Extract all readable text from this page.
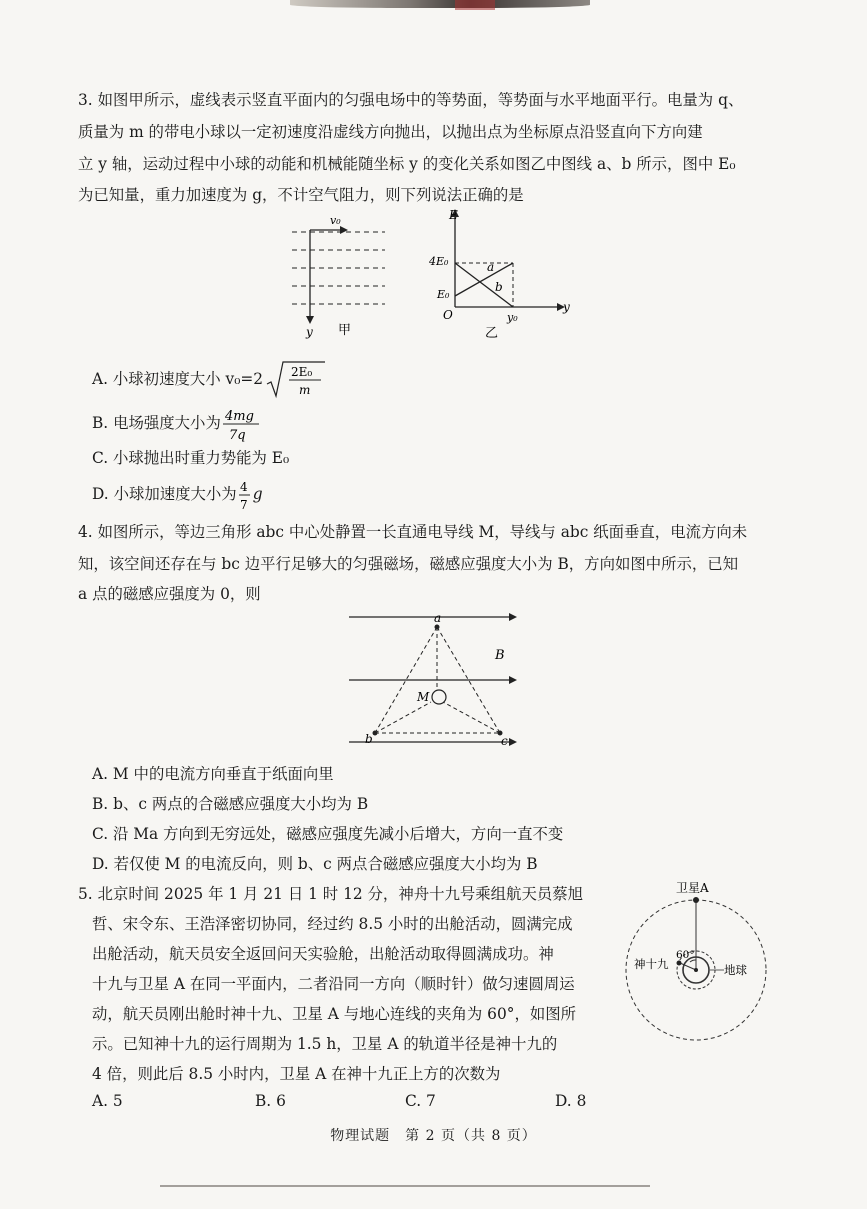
3. 如图甲所示，虚线表示竖直平面内的匀强电场中的等势面，等势面与水平地面平行。电量为 q、
质量为 m 的带电小球以一定初速度沿虚线方向抛出，以抛出点为坐标原点沿竖直向下方向建
立 y 轴，运动过程中小球的动能和机械能随坐标 y 的变化关系如图乙中图线 a、b 所示，图中 E₀
为已知量，重力加速度为 g，不计空气阻力，则下列说法正确的是
v₀
y 甲
E
4E₀
E₀
O	y₀
y
a
b
乙
A. 小球初速度大小 v₀=2 2E₀
m
B. 电场强度大小为 4mg
7q
C. 小球抛出时重力势能为 E₀
D. 小球加速度大小为 4
7
g
4. 如图所示，等边三角形 abc 中心处静置一长直通电导线 M，导线与 abc 纸面垂直，电流方向未
知，该空间还存在与 bc 边平行足够大的匀强磁场，磁感应强度大小为 B，方向如图中所示，已知
a 点的磁感应强度为 0，则
a
b	c
M
B
A. M 中的电流方向垂直于纸面向里
B. b、c 两点的合磁感应强度大小均为 B
C. 沿 Ma 方向到无穷远处，磁感应强度先减小后增大，方向一直不变
D. 若仅使 M 的电流反向，则 b、c 两点合磁感应强度大小均为 B
5. 北京时间 2025 年 1 月 21 日 1 时 12 分，神舟十九号乘组航天员蔡旭
哲、宋令东、王浩泽密切协同，经过约 8.5 小时的出舱活动，圆满完成
出舱活动，航天员安全返回问天实验舱，出舱活动取得圆满成功。神
十九与卫星 A 在同一平面内，二者沿同一方向（顺时针）做匀速圆周运
动，航天员刚出舱时神十九、卫星 A 与地心连线的夹角为 60°，如图所
示。已知神十九的运行周期为 1.5 h，卫星 A 的轨道半径是神十九的
4 倍，则此后 8.5 小时内，卫星 A 在神十九正上方的次数为
卫星A
神十九	地球
60°
A. 5	B. 6	C. 7	D. 8
物理试题　第 2 页（共 8 页）
